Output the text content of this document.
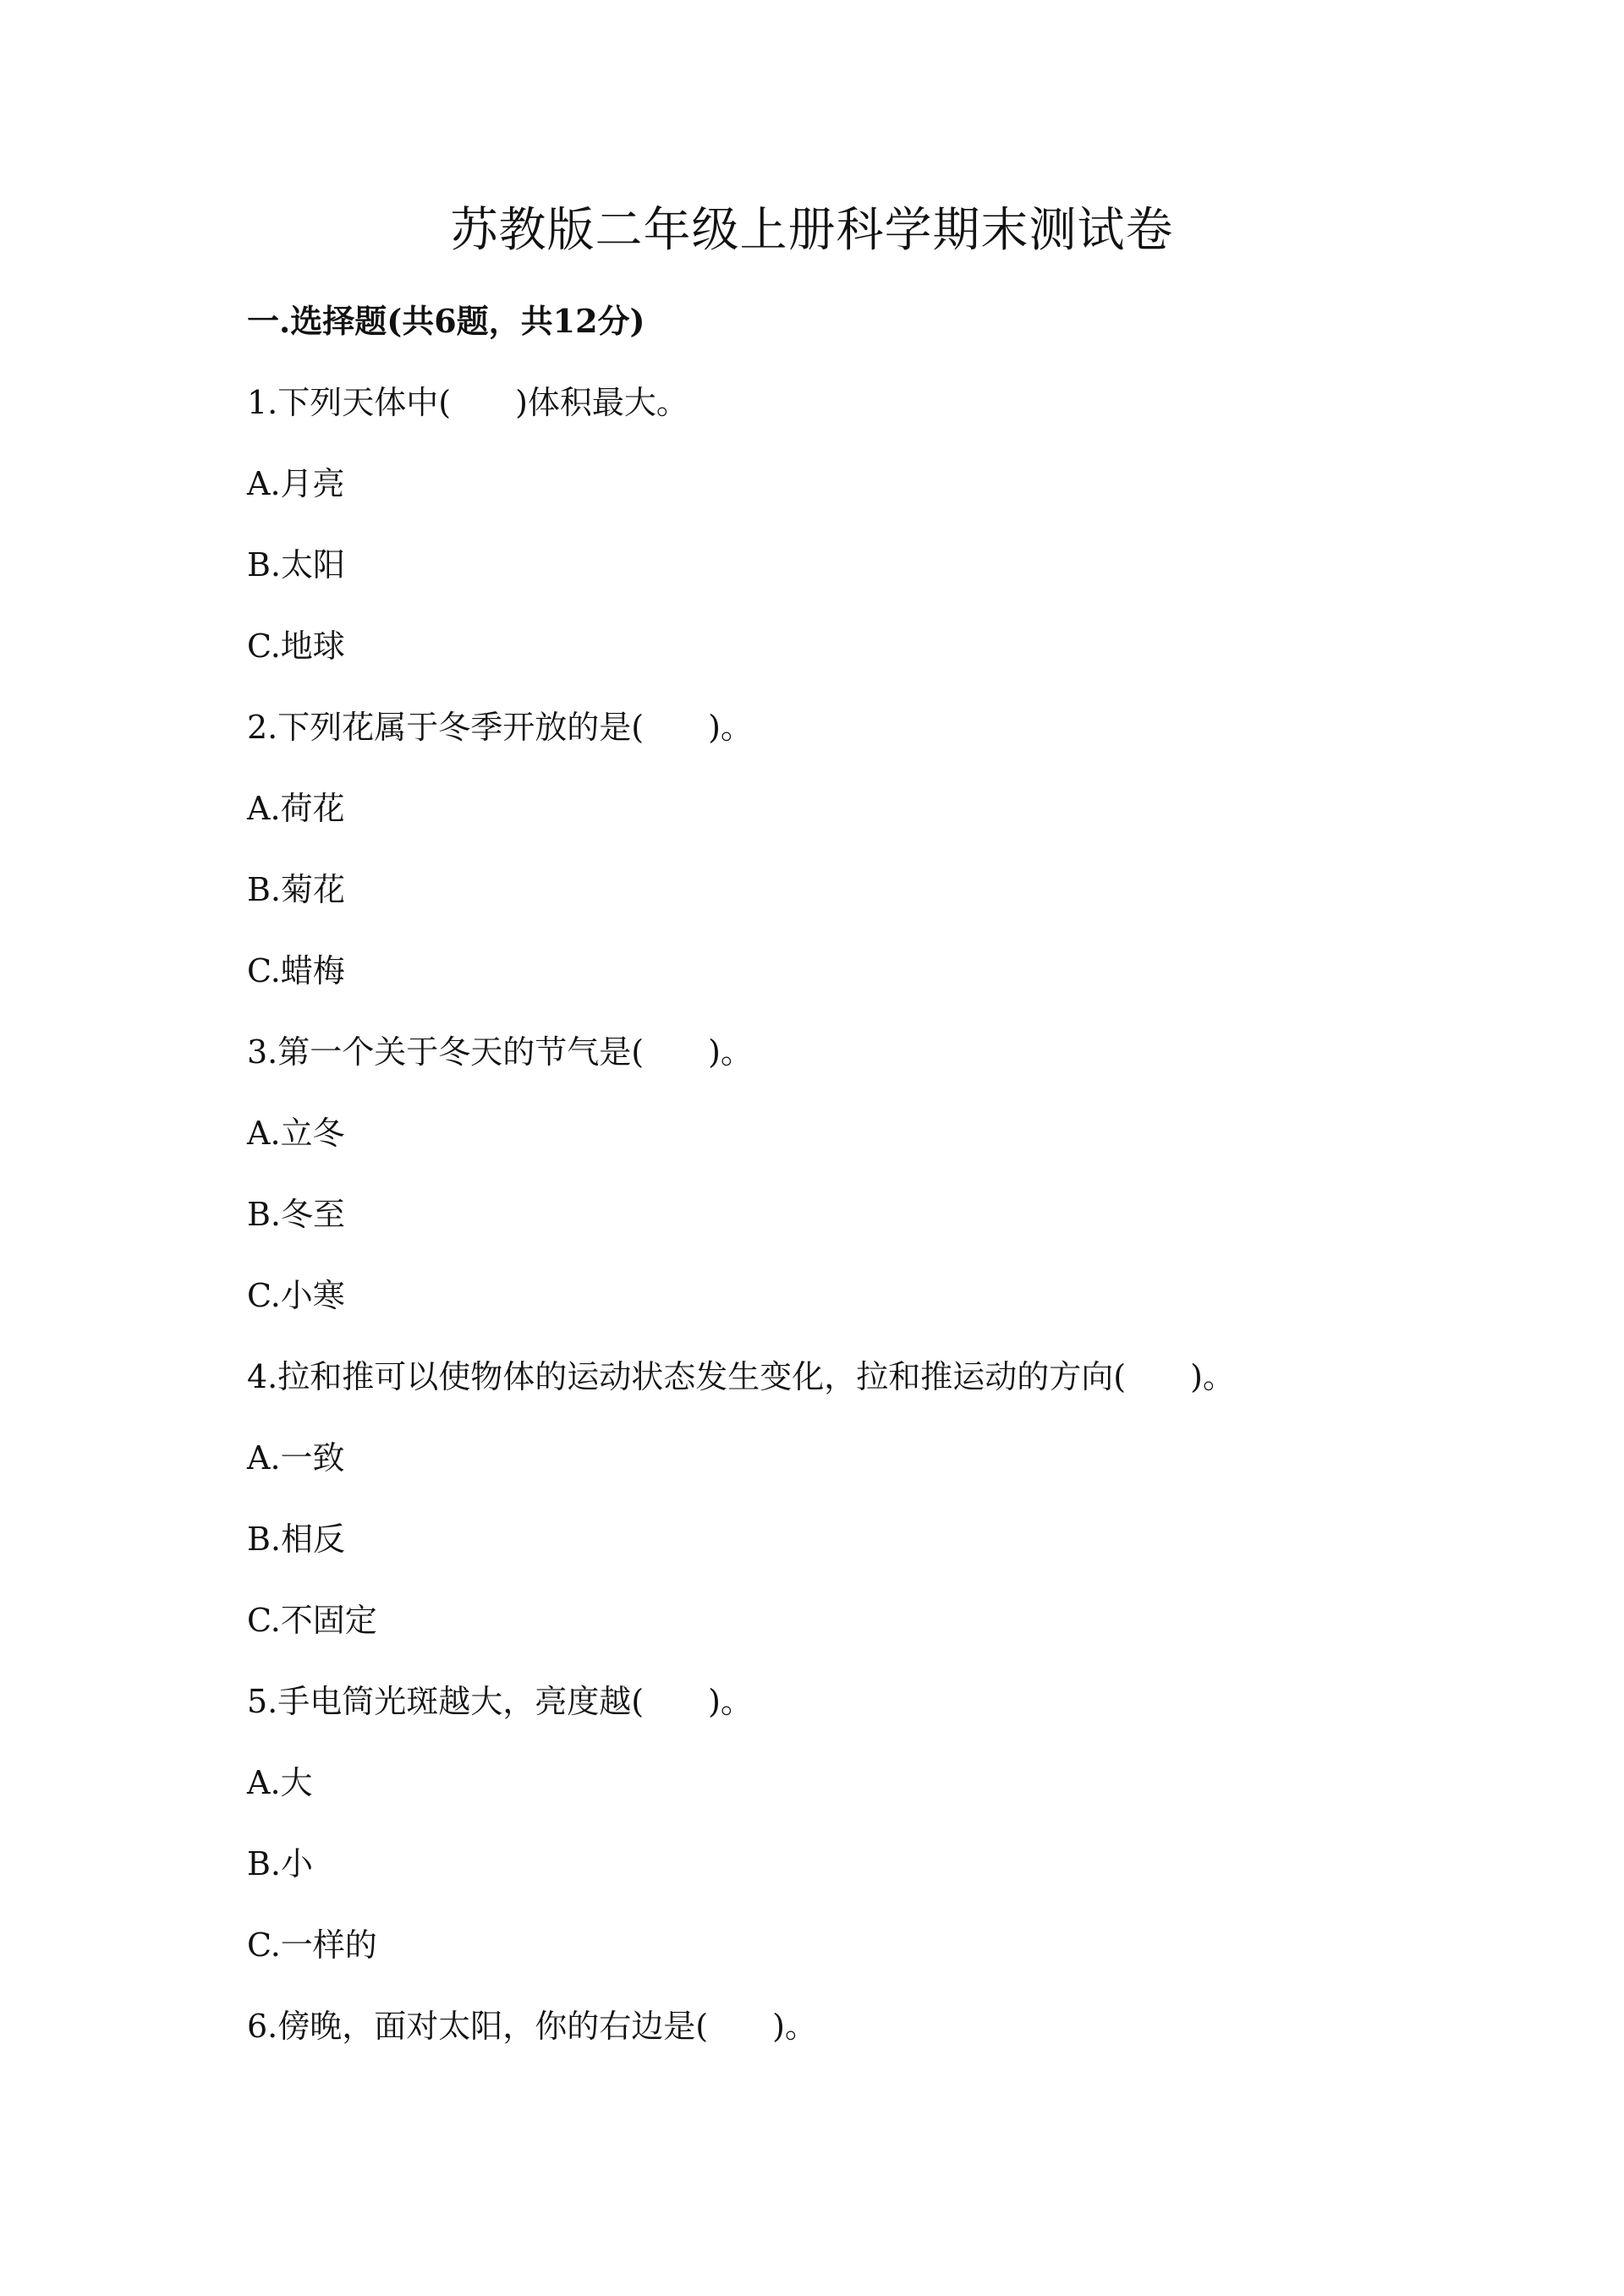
苏教版二年级上册科学期末测试卷
一.选择题(共6题，共12分)
1.下列天体中(　　)体积最大。
A.月亮
B.太阳
C.地球
2.下列花属于冬季开放的是(　　)。
A.荷花
B.菊花
C.蜡梅
3.第一个关于冬天的节气是(　　)。
A.立冬
B.冬至
C.小寒
4.拉和推可以使物体的运动状态发生变化，拉和推运动的方向(　　)。
A.一致
B.相反
C.不固定
5.手电筒光斑越大，亮度越(　　)。
A.大
B.小
C.一样的
6.傍晚，面对太阳，你的右边是(　　)。
